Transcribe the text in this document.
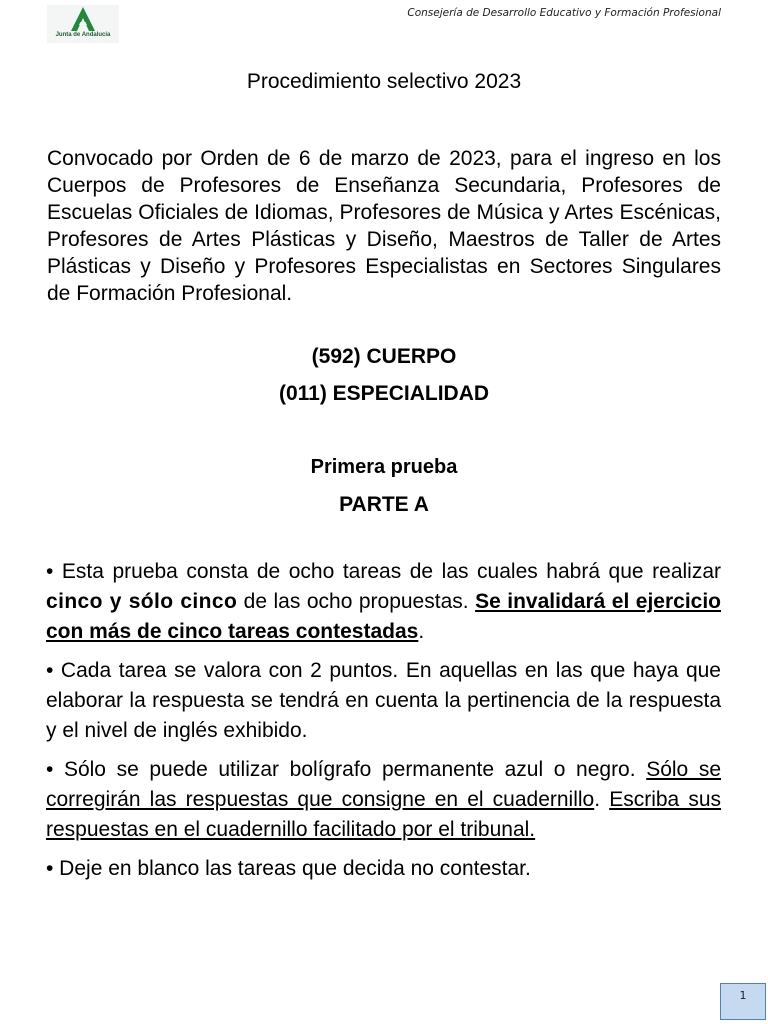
Junta de Andalucía
Consejería de Desarrollo Educativo y Formación Profesional
Procedimiento selectivo 2023

Convocado por Orden de 6 de marzo de 2023, para el ingreso en los Cuerpos de Profesores de Enseñanza Secundaria, Profesores de Escuelas Oficiales de Idiomas, Profesores de Música y Artes Escénicas, Profesores de Artes Plásticas y Diseño, Maestros de Taller de Artes Plásticas y Diseño y Profesores Especialistas en Sectores Singulares de Formación Profesional.

(592) CUERPO
(011) ESPECIALIDAD
Primera prueba
PARTE A

• Esta prueba consta de ocho tareas de las cuales habrá que realizar cinco y sólo cinco de las ocho propuestas. Se invalidará el ejercicio con más de cinco tareas contestadas.

• Cada tarea se valora con 2 puntos. En aquellas en las que haya que elaborar la respuesta se tendrá en cuenta la pertinencia de la respuesta y el nivel de inglés exhibido.

• Sólo se puede utilizar bolígrafo permanente azul o negro. Sólo se corregirán las respuestas que consigne en el cuadernillo. Escriba sus respuestas en el cuadernillo facilitado por el tribunal.

• Deje en blanco las tareas que decida no contestar.

1
